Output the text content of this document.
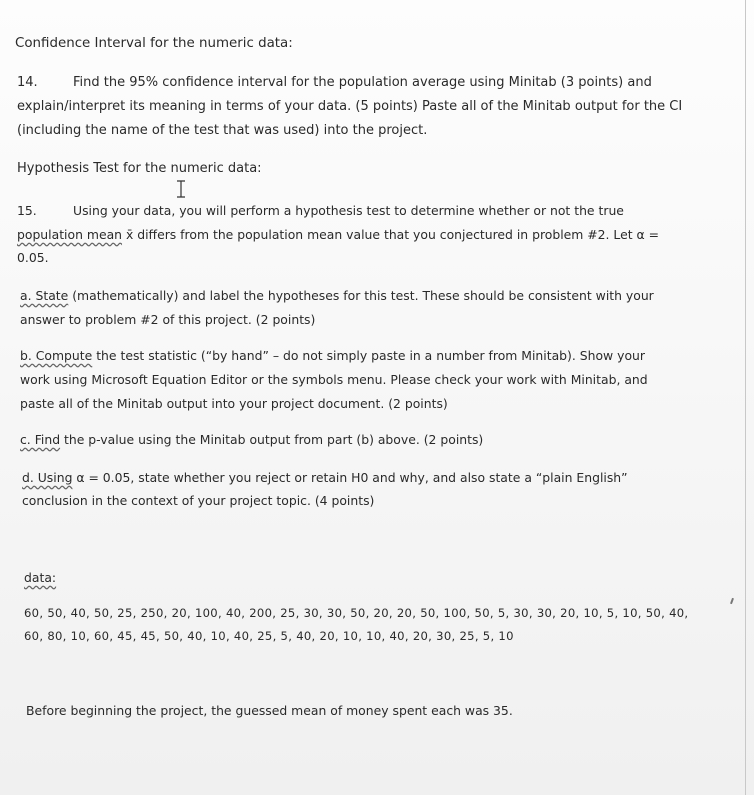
Confidence Interval for the numeric data:
14.	Find the 95% confidence interval for the population average using Minitab (3 points) and
explain/interpret its meaning in terms of your data. (5 points) Paste all of the Minitab output for the CI
(including the name of the test that was used) into the project.
Hypothesis Test for the numeric data:
15.	Using your data, you will perform a hypothesis test to determine whether or not the true
population mean x̄ differs from the population mean value that you conjectured in problem #2. Let α =
0.05.
a. State (mathematically) and label the hypotheses for this test. These should be consistent with your
answer to problem #2 of this project. (2 points)
b. Compute the test statistic (“by hand” – do not simply paste in a number from Minitab). Show your
work using Microsoft Equation Editor or the symbols menu. Please check your work with Minitab, and
paste all of the Minitab output into your project document. (2 points)
c. Find the p-value using the Minitab output from part (b) above. (2 points)
d. Using α = 0.05, state whether you reject or retain H0 and why, and also state a “plain English”
conclusion in the context of your project topic. (4 points)
data:
60, 50, 40, 50, 25, 250, 20, 100, 40, 200, 25, 30, 30, 50, 20, 20, 50, 100, 50, 5, 30, 30, 20, 10, 5, 10, 50, 40,
60, 80, 10, 60, 45, 45, 50, 40, 10, 40, 25, 5, 40, 20, 10, 10, 40, 20, 30, 25, 5, 10
Before beginning the project, the guessed mean of money spent each was 35.
